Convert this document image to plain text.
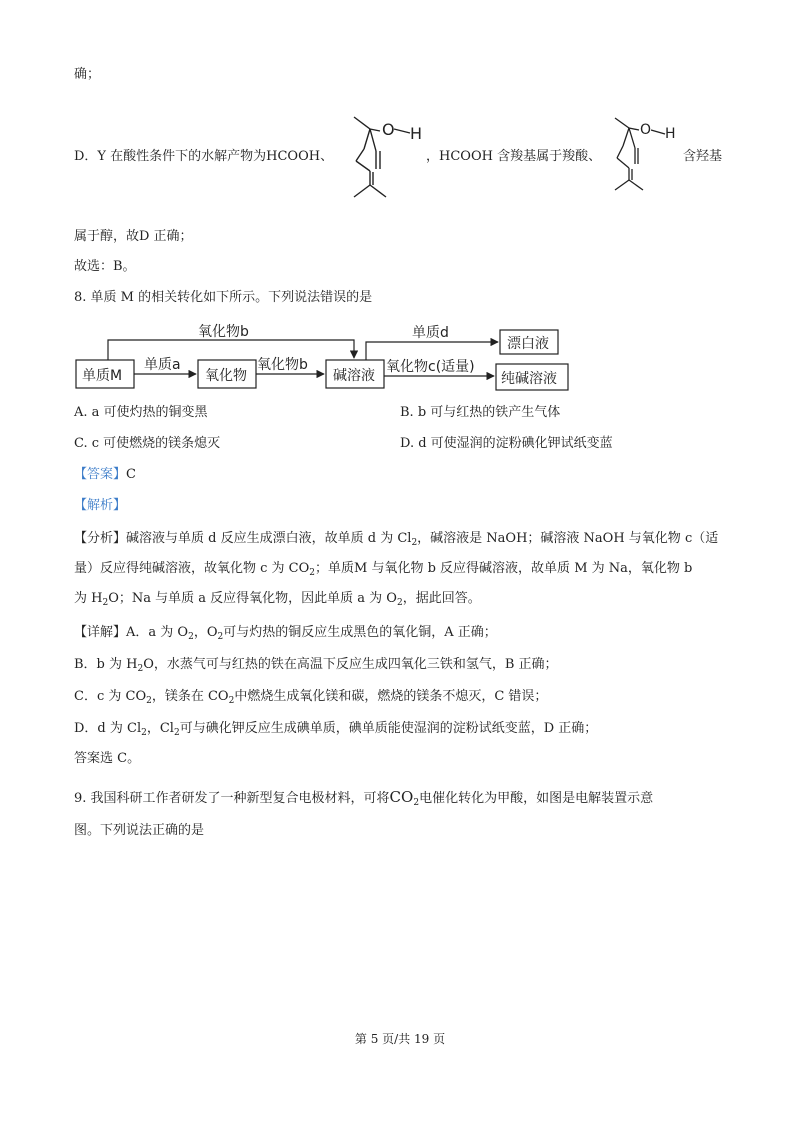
确；
D．Y 在酸性条件下的水解产物为HCOOH、	，HCOOH 含羧基属于羧酸、	含羟基
O H	O H
属于醇，故D 正确；
故选：B。
8. 单质 M 的相关转化如下所示。下列说法错误的是
单质M	氧化物	碱溶液
漂白液
纯碱溶液
氧化物b
单质a	氧化物b
单质d
氧化物c(适量)
A. a 可使灼热的铜变黑	B. b 可与红热的铁产生气体
C. c 可使燃烧的镁条熄灭	D. d 可使湿润的淀粉碘化钾试纸变蓝
【答案】C
【解析】
【分析】碱溶液与单质 d 反应生成漂白液，故单质 d 为 $Cl_2$，碱溶液是 NaOH；碱溶液 NaOH 与氧化物 c（适
量）反应得纯碱溶液，故氧化物 c 为 $CO_2$；单质M 与氧化物 b 反应得碱溶液，故单质 M 为 Na，氧化物 b
为 $H_2O$；Na 与单质 a 反应得氧化物，因此单质 a 为 $O_2$，据此回答。
【详解】A．a 为 $O_2$，$O_2$可与灼热的铜反应生成黑色的氧化铜，A 正确；
B．b 为 $H_2O$，水蒸气可与红热的铁在高温下反应生成四氧化三铁和氢气，B 正确；
C．c 为 $CO_2$，镁条在 $CO_2$中燃烧生成氧化镁和碳，燃烧的镁条不熄灭，C 错误；
D．d 为 $Cl_2$，$Cl_2$可与碘化钾反应生成碘单质，碘单质能使湿润的淀粉试纸变蓝，D 正确；
答案选 C。
9. 我国科研工作者研发了一种新型复合电极材料，可将$CO_2$电催化转化为甲酸，如图是电解装置示意
图。下列说法正确的是
第 5 页/共 19 页
